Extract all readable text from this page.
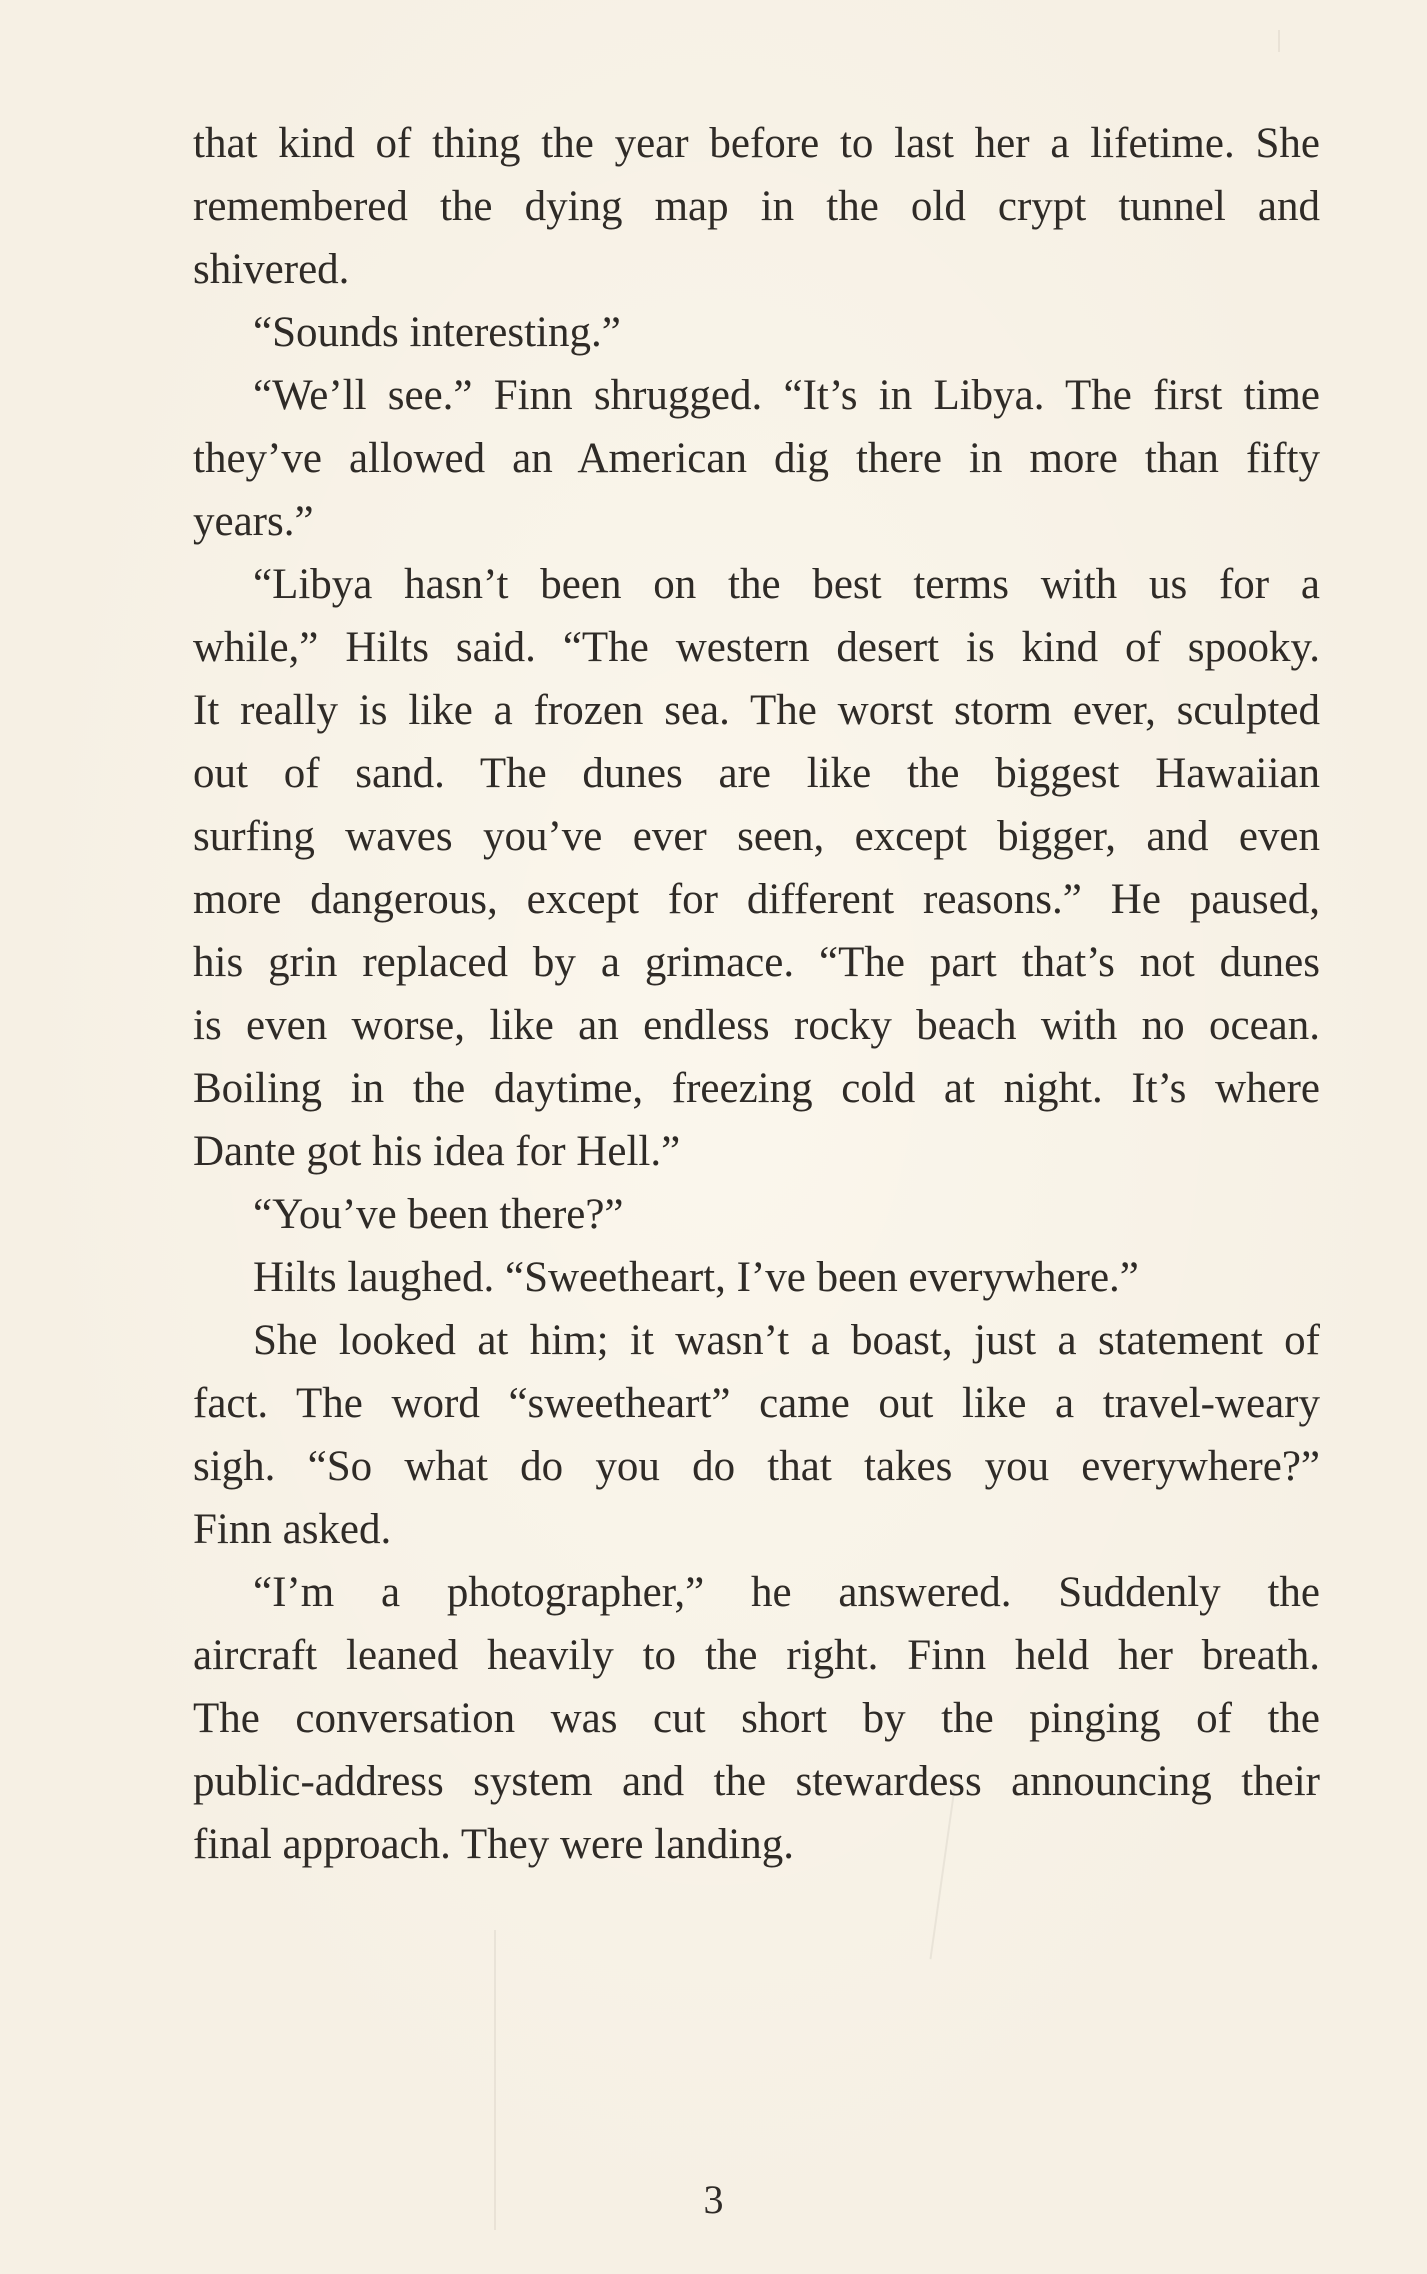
that kind of thing the year before to last her a lifetime. She
remembered the dying map in the old crypt tunnel and
shivered.
“Sounds interesting.”
“We’ll see.” Finn shrugged. “It’s in Libya. The first time
they’ve allowed an American dig there in more than fifty
years.”
“Libya hasn’t been on the best terms with us for a
while,” Hilts said. “The western desert is kind of spooky.
It really is like a frozen sea. The worst storm ever, sculpted
out of sand. The dunes are like the biggest Hawaiian
surfing waves you’ve ever seen, except bigger, and even
more dangerous, except for different reasons.” He paused,
his grin replaced by a grimace. “The part that’s not dunes
is even worse, like an endless rocky beach with no ocean.
Boiling in the daytime, freezing cold at night. It’s where
Dante got his idea for Hell.”
“You’ve been there?”
Hilts laughed. “Sweetheart, I’ve been everywhere.”
She looked at him; it wasn’t a boast, just a statement of
fact. The word “sweetheart” came out like a travel-weary
sigh. “So what do you do that takes you everywhere?”
Finn asked.
“I’m a photographer,” he answered. Suddenly the
aircraft leaned heavily to the right. Finn held her breath.
The conversation was cut short by the pinging of the
public-address system and the stewardess announcing their
final approach. They were landing.
3
